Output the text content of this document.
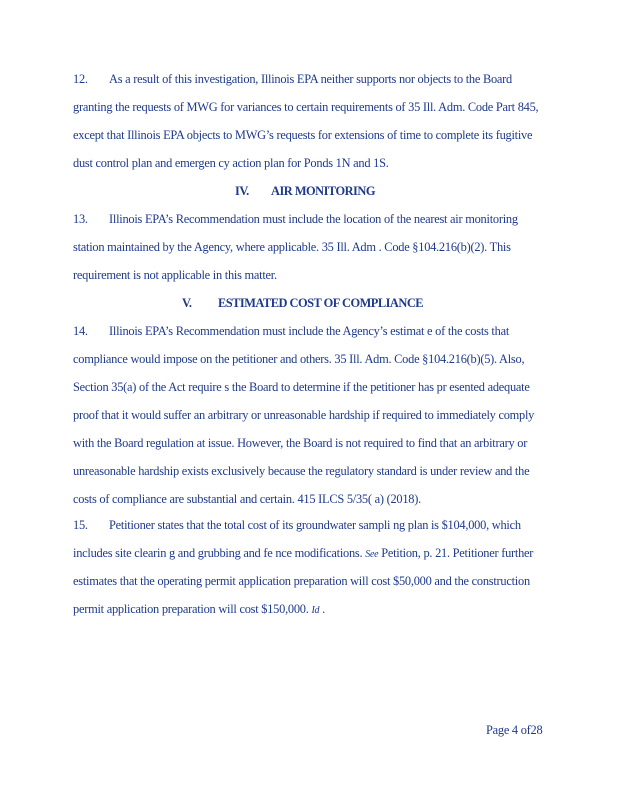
12. As a result of this investigation, Illinois EPA neither supports nor objects to the Board
granting the requests of MWG for variances to certain requirements of 35 Ill. Adm. Code Part 845,
except that Illinois EPA objects to MWG’s requests for extensions of time to complete its fugitive
dust control plan and emergen cy action plan for Ponds 1N and 1S.
IV. AIR MONITORING
13. Illinois EPA’s Recommendation must include the location of the nearest air monitoring
station maintained by the Agency, where applicable. 35 Ill. Adm . Code §104.216(b)(2). This
requirement is not applicable in this matter.
V. ESTIMATED COST OF COMPLIANCE
14. Illinois EPA’s Recommendation must include the Agency’s estimat e of the costs that
compliance would impose on the petitioner and others. 35 Ill. Adm. Code §104.216(b)(5). Also,
Section 35(a) of the Act require s the Board to determine if the petitioner has pr esented adequate
proof that it would suffer an arbitrary or unreasonable hardship if required to immediately comply
with the Board regulation at issue. However, the Board is not required to find that an arbitrary or
unreasonable hardship exists exclusively because the regulatory standard is under review and the
costs of compliance are substantial and certain. 415 ILCS 5/35( a) (2018).
15. Petitioner states that the total cost of its groundwater sampli ng plan is $104,000, which
includes site clearin g and grubbing and fe nce modifications. See Petition, p. 21. Petitioner further
estimates that the operating permit application preparation will cost $50,000 and the construction
permit application preparation will cost $150,000. Id .
Page 4 of28
